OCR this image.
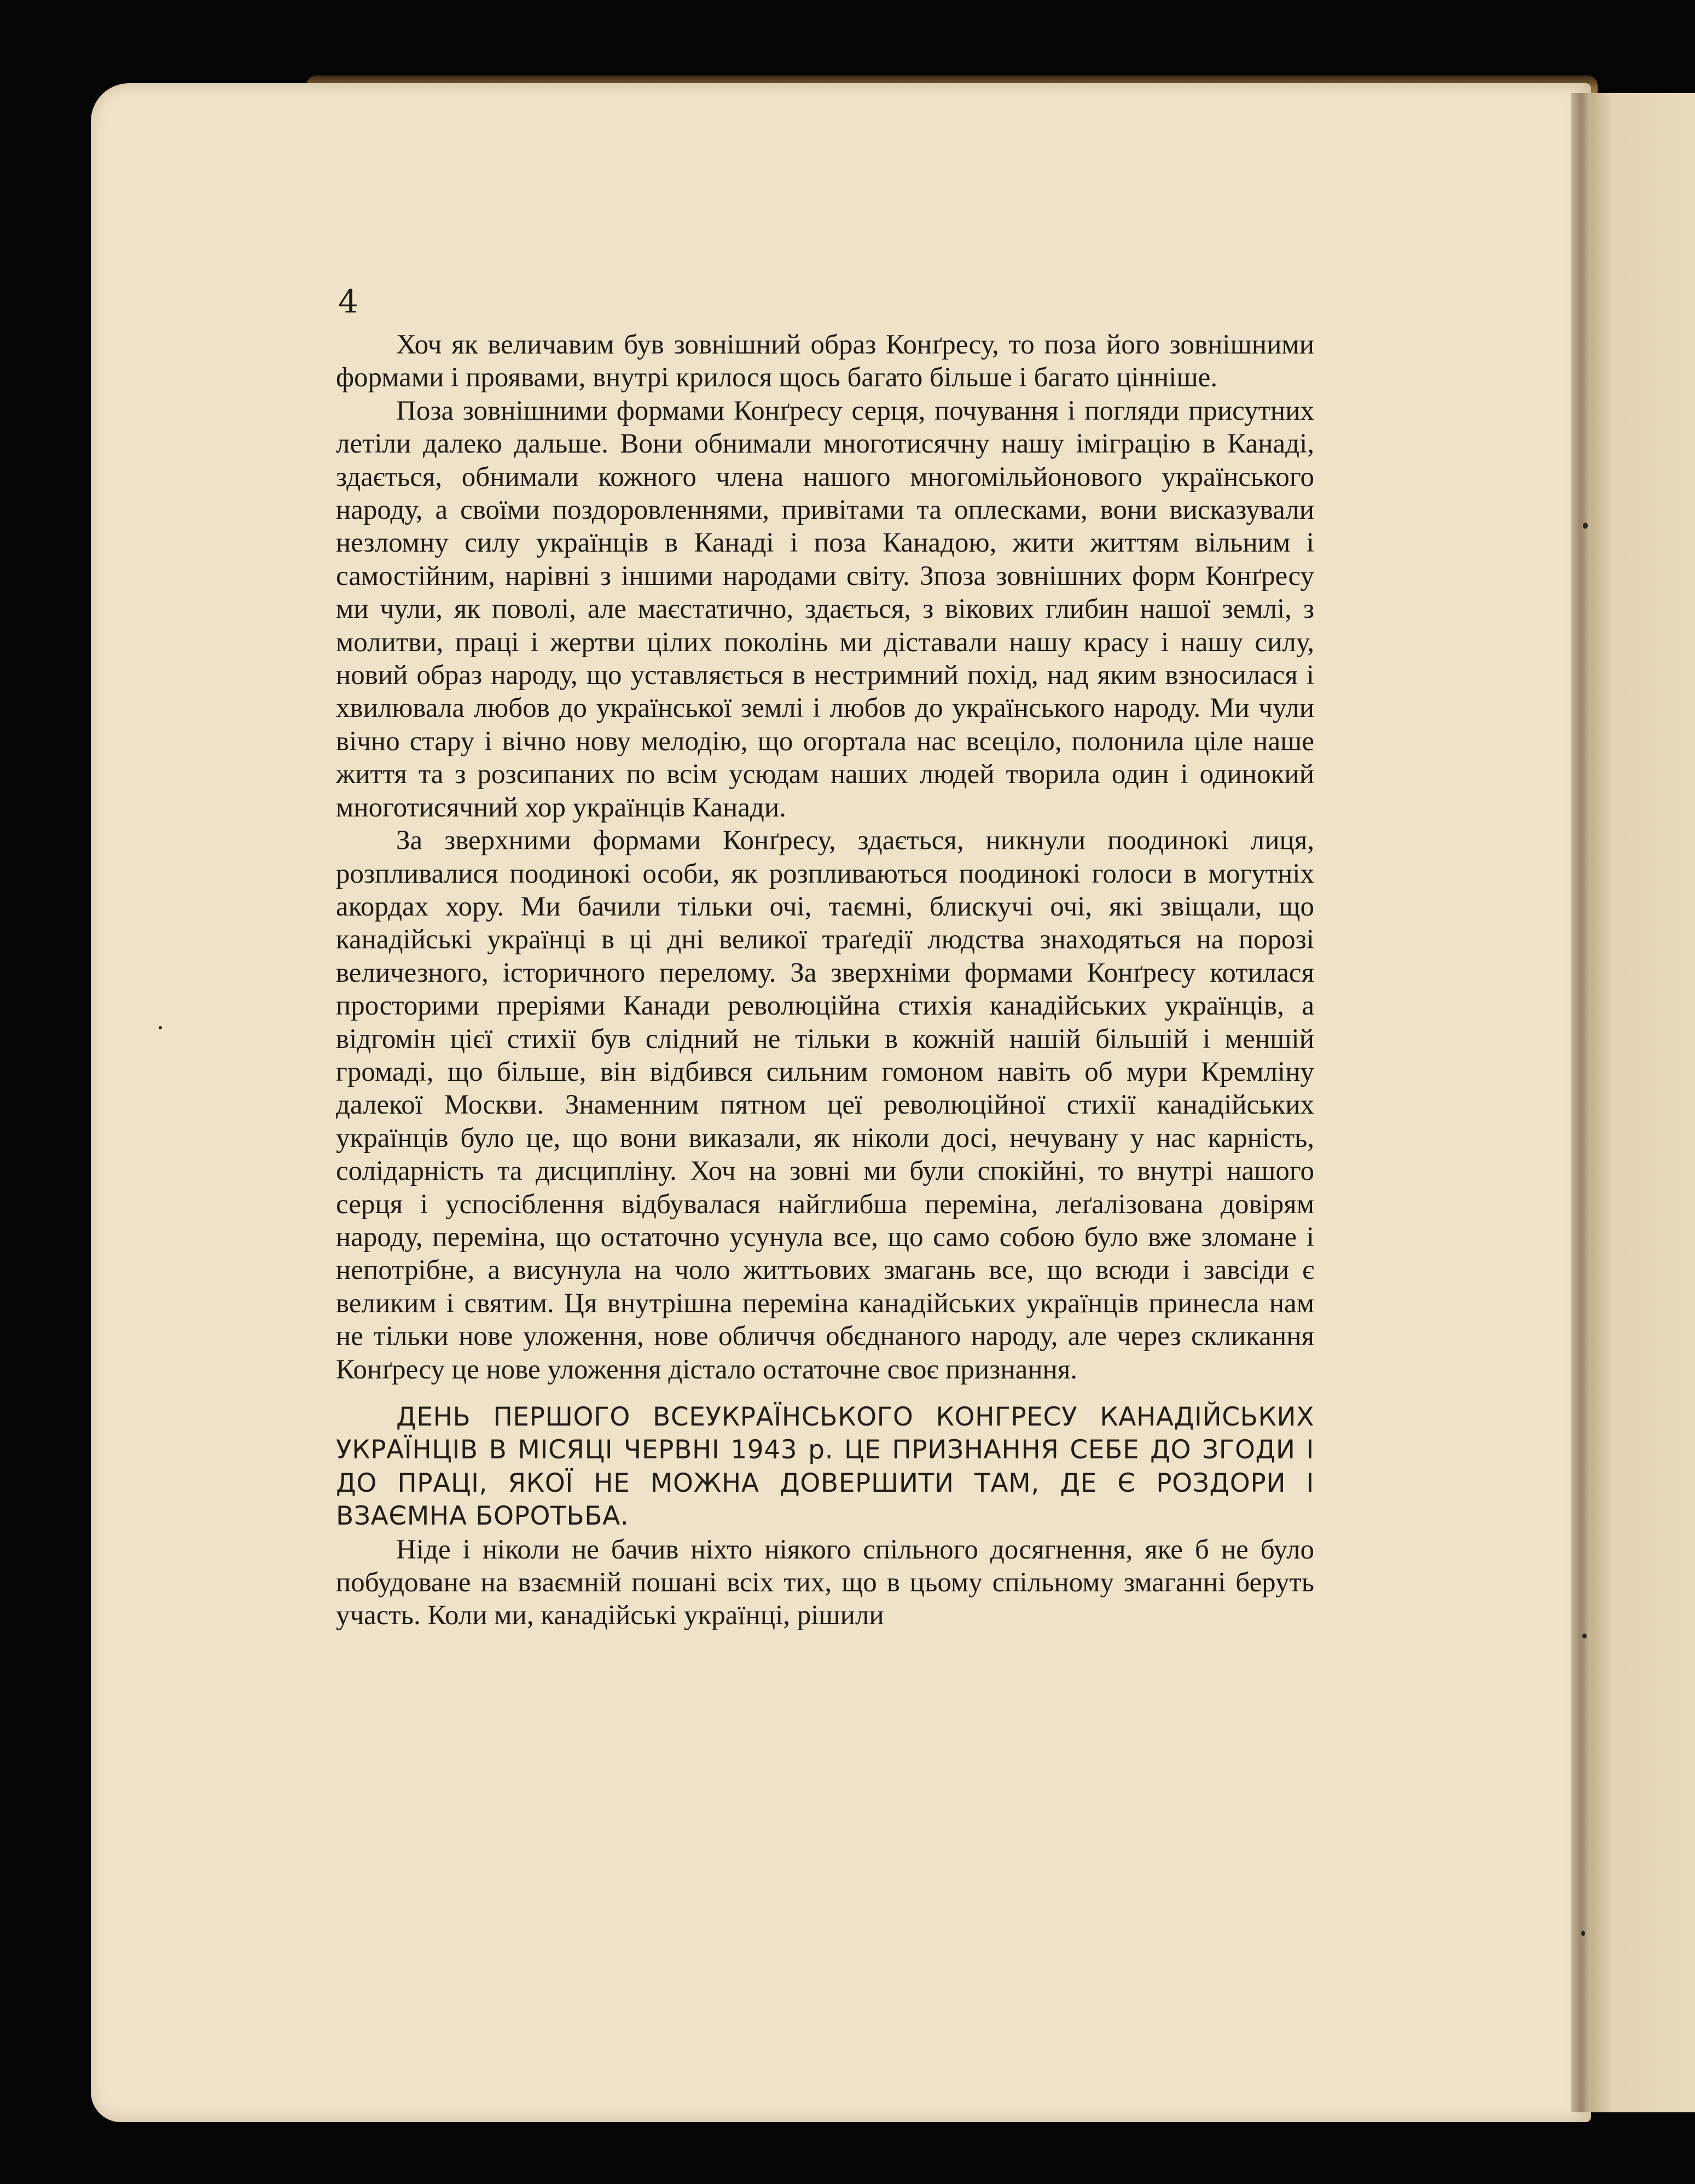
4

Хоч як величавим був зовнішний образ Конґресу, то поза його зовнішними формами і проявами, внутрі крилося щось багато більше і багато цінніше.

Поза зовнішними формами Конґресу серця, почування і погляди присутних летіли далеко дальше. Вони обнимали многотисячну нашу іміграцію в Канаді, здається, обнимали кожного члена нашого многомільйонового українського народу, а своїми поздоровленнями, привітами та оплесками, вони висказували незломну силу українців в Канаді і поза Канадою, жити життям вільним і самостійним, нарівні з іншими народами світу. Зпоза зовнішних форм Конґресу ми чули, як поволі, але маєстатично, здається, з вікових глибин нашої землі, з молитви, праці і жертви цілих поколінь ми діставали нашу красу і нашу силу, новий образ народу, що уставляється в нестримний похід, над яким взносилася і хвилювала любов до української землі і любов до українського народу. Ми чули вічно стару і вічно нову мелодію, що огортала нас всеціло, полонила ціле наше життя та з розсипаних по всім усюдам наших людей творила один і одинокий многотисячний хор українців Канади.

За зверхними формами Конґресу, здається, никнули поодинокі лиця, розпливалися поодинокі особи, як розпливаються поодинокі голоси в могутніх акордах хору. Ми бачили тільки очі, таємні, блискучі очі, які звіщали, що канадійські українці в ці дні великої траґедії людства знаходяться на порозі величезного, історичного перелому. За зверхніми формами Конґресу котилася просторими преріями Канади революційна стихія канадійських українців, а відгомін цієї стихії був слідний не тільки в кожній нашій більшій і меншій громаді, що більше, він відбився сильним гомоном навіть об мури Кремліну далекої Москви. Знаменним пятном цеї революційної стихії канадійських українців було це, що вони виказали, як ніколи досі, нечувану у нас карність, солідарність та дисципліну. Хоч на зовні ми були спокійні, то внутрі нашого серця і успосіблення відбувалася найглибша переміна, леґалізована довірям народу, переміна, що остаточно усунула все, що само собою було вже зломане і непотрібне, а висунула на чоло життьових змагань все, що всюди і завсіди є великим і святим. Ця внутрішна переміна канадійських українців принесла нам не тільки нове уложення, нове обличчя обєднаного народу, але через скликання Конґресу це нове уложення дістало остаточне своє признання.

ДЕНЬ ПЕРШОГО ВСЕУКРАЇНСЬКОГО КОНГРЕСУ КАНАДІЙСЬКИХ УКРАЇНЦІВ В МІСЯЦІ ЧЕРВНІ 1943 р. ЦЕ ПРИЗНАННЯ СЕБЕ ДО ЗГОДИ І ДО ПРАЦІ, ЯКОЇ НЕ МОЖНА ДОВЕРШИТИ ТАМ, ДЕ Є РОЗДОРИ І ВЗАЄМНА БОРОТЬБА.

Ніде і ніколи не бачив ніхто ніякого спільного досягнення, яке б не було побудоване на взаємній пошані всіх тих, що в цьому спільному змаганні беруть участь. Коли ми, канадійські українці, рішили
